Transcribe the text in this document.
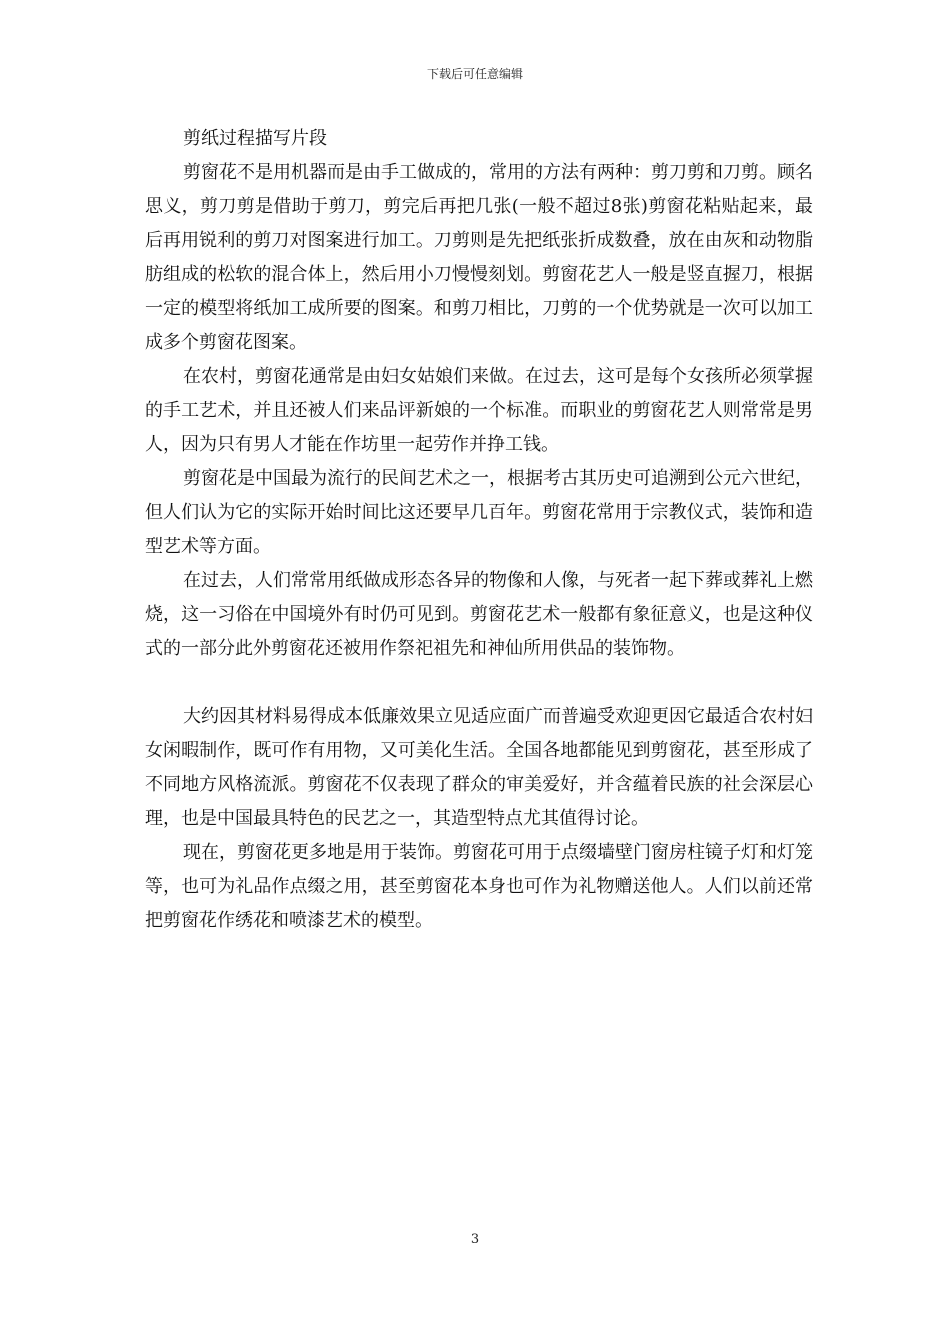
下载后可任意编辑
剪纸过程描写片段

剪窗花不是用机器而是由手工做成的，常用的方法有两种：剪刀剪和刀剪。顾名思义，剪刀剪是借助于剪刀，剪完后再把几张(一般不超过8张)剪窗花粘贴起来，最后再用锐利的剪刀对图案进行加工。刀剪则是先把纸张折成数叠，放在由灰和动物脂肪组成的松软的混合体上，然后用小刀慢慢刻划。剪窗花艺人一般是竖直握刀，根据一定的模型将纸加工成所要的图案。和剪刀相比，刀剪的一个优势就是一次可以加工成多个剪窗花图案。

在农村，剪窗花通常是由妇女姑娘们来做。在过去，这可是每个女孩所必须掌握的手工艺术，并且还被人们来品评新娘的一个标准。而职业的剪窗花艺人则常常是男人，因为只有男人才能在作坊里一起劳作并挣工钱。

剪窗花是中国最为流行的民间艺术之一，根据考古其历史可追溯到公元六世纪，但人们认为它的实际开始时间比这还要早几百年。剪窗花常用于宗教仪式，装饰和造型艺术等方面。

在过去，人们常常用纸做成形态各异的物像和人像，与死者一起下葬或葬礼上燃烧，这一习俗在中国境外有时仍可见到。剪窗花艺术一般都有象征意义，也是这种仪式的一部分此外剪窗花还被用作祭祀祖先和神仙所用供品的装饰物。

大约因其材料易得成本低廉效果立见适应面广而普遍受欢迎更因它最适合农村妇女闲暇制作，既可作有用物，又可美化生活。全国各地都能见到剪窗花，甚至形成了不同地方风格流派。剪窗花不仅表现了群众的审美爱好，并含蕴着民族的社会深层心理，也是中国最具特色的民艺之一，其造型特点尤其值得讨论。

现在，剪窗花更多地是用于装饰。剪窗花可用于点缀墙壁门窗房柱镜子灯和灯笼等，也可为礼品作点缀之用，甚至剪窗花本身也可作为礼物赠送他人。人们以前还常把剪窗花作绣花和喷漆艺术的模型。

3
